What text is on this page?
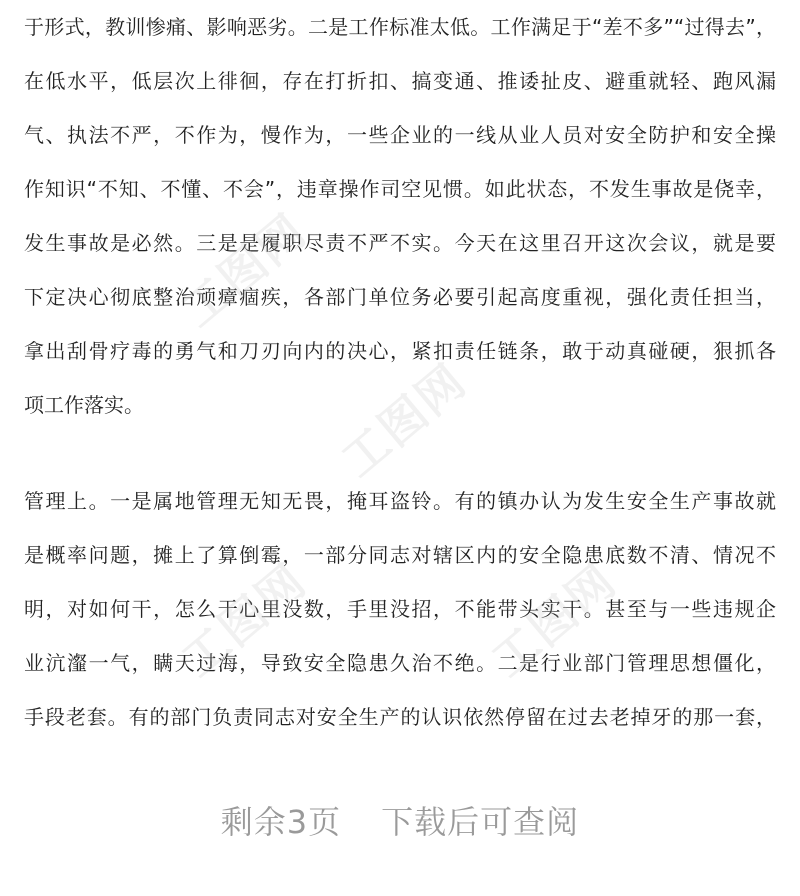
于形式，教训惨痛、影响恶劣。二是工作标准太低。工作满足于“差不多”“过得去”，
在低水平，低层次上徘徊，存在打折扣、搞变通、推诿扯皮、避重就轻、跑风漏
气、执法不严，不作为，慢作为，一些企业的一线从业人员对安全防护和安全操
作知识“不知、不懂、不会”，违章操作司空见惯。如此状态，不发生事故是侥幸，
发生事故是必然。三是是履职尽责不严不实。今天在这里召开这次会议，就是要
下定决心彻底整治顽瘴痼疾，各部门单位务必要引起高度重视，强化责任担当，
拿出刮骨疗毒的勇气和刀刃向内的决心，紧扣责任链条，敢于动真碰硬，狠抓各
项工作落实。
管理上。一是属地管理无知无畏，掩耳盗铃。有的镇办认为发生安全生产事故就
是概率问题，摊上了算倒霉，一部分同志对辖区内的安全隐患底数不清、情况不
明，对如何干，怎么干心里没数，手里没招，不能带头实干。甚至与一些违规企
业沆瀣一气，瞒天过海，导致安全隐患久治不绝。二是行业部门管理思想僵化，
手段老套。有的部门负责同志对安全生产的认识依然停留在过去老掉牙的那一套，
工图网
工图网
工图网	工图网
剩余3页 下载后可查阅
